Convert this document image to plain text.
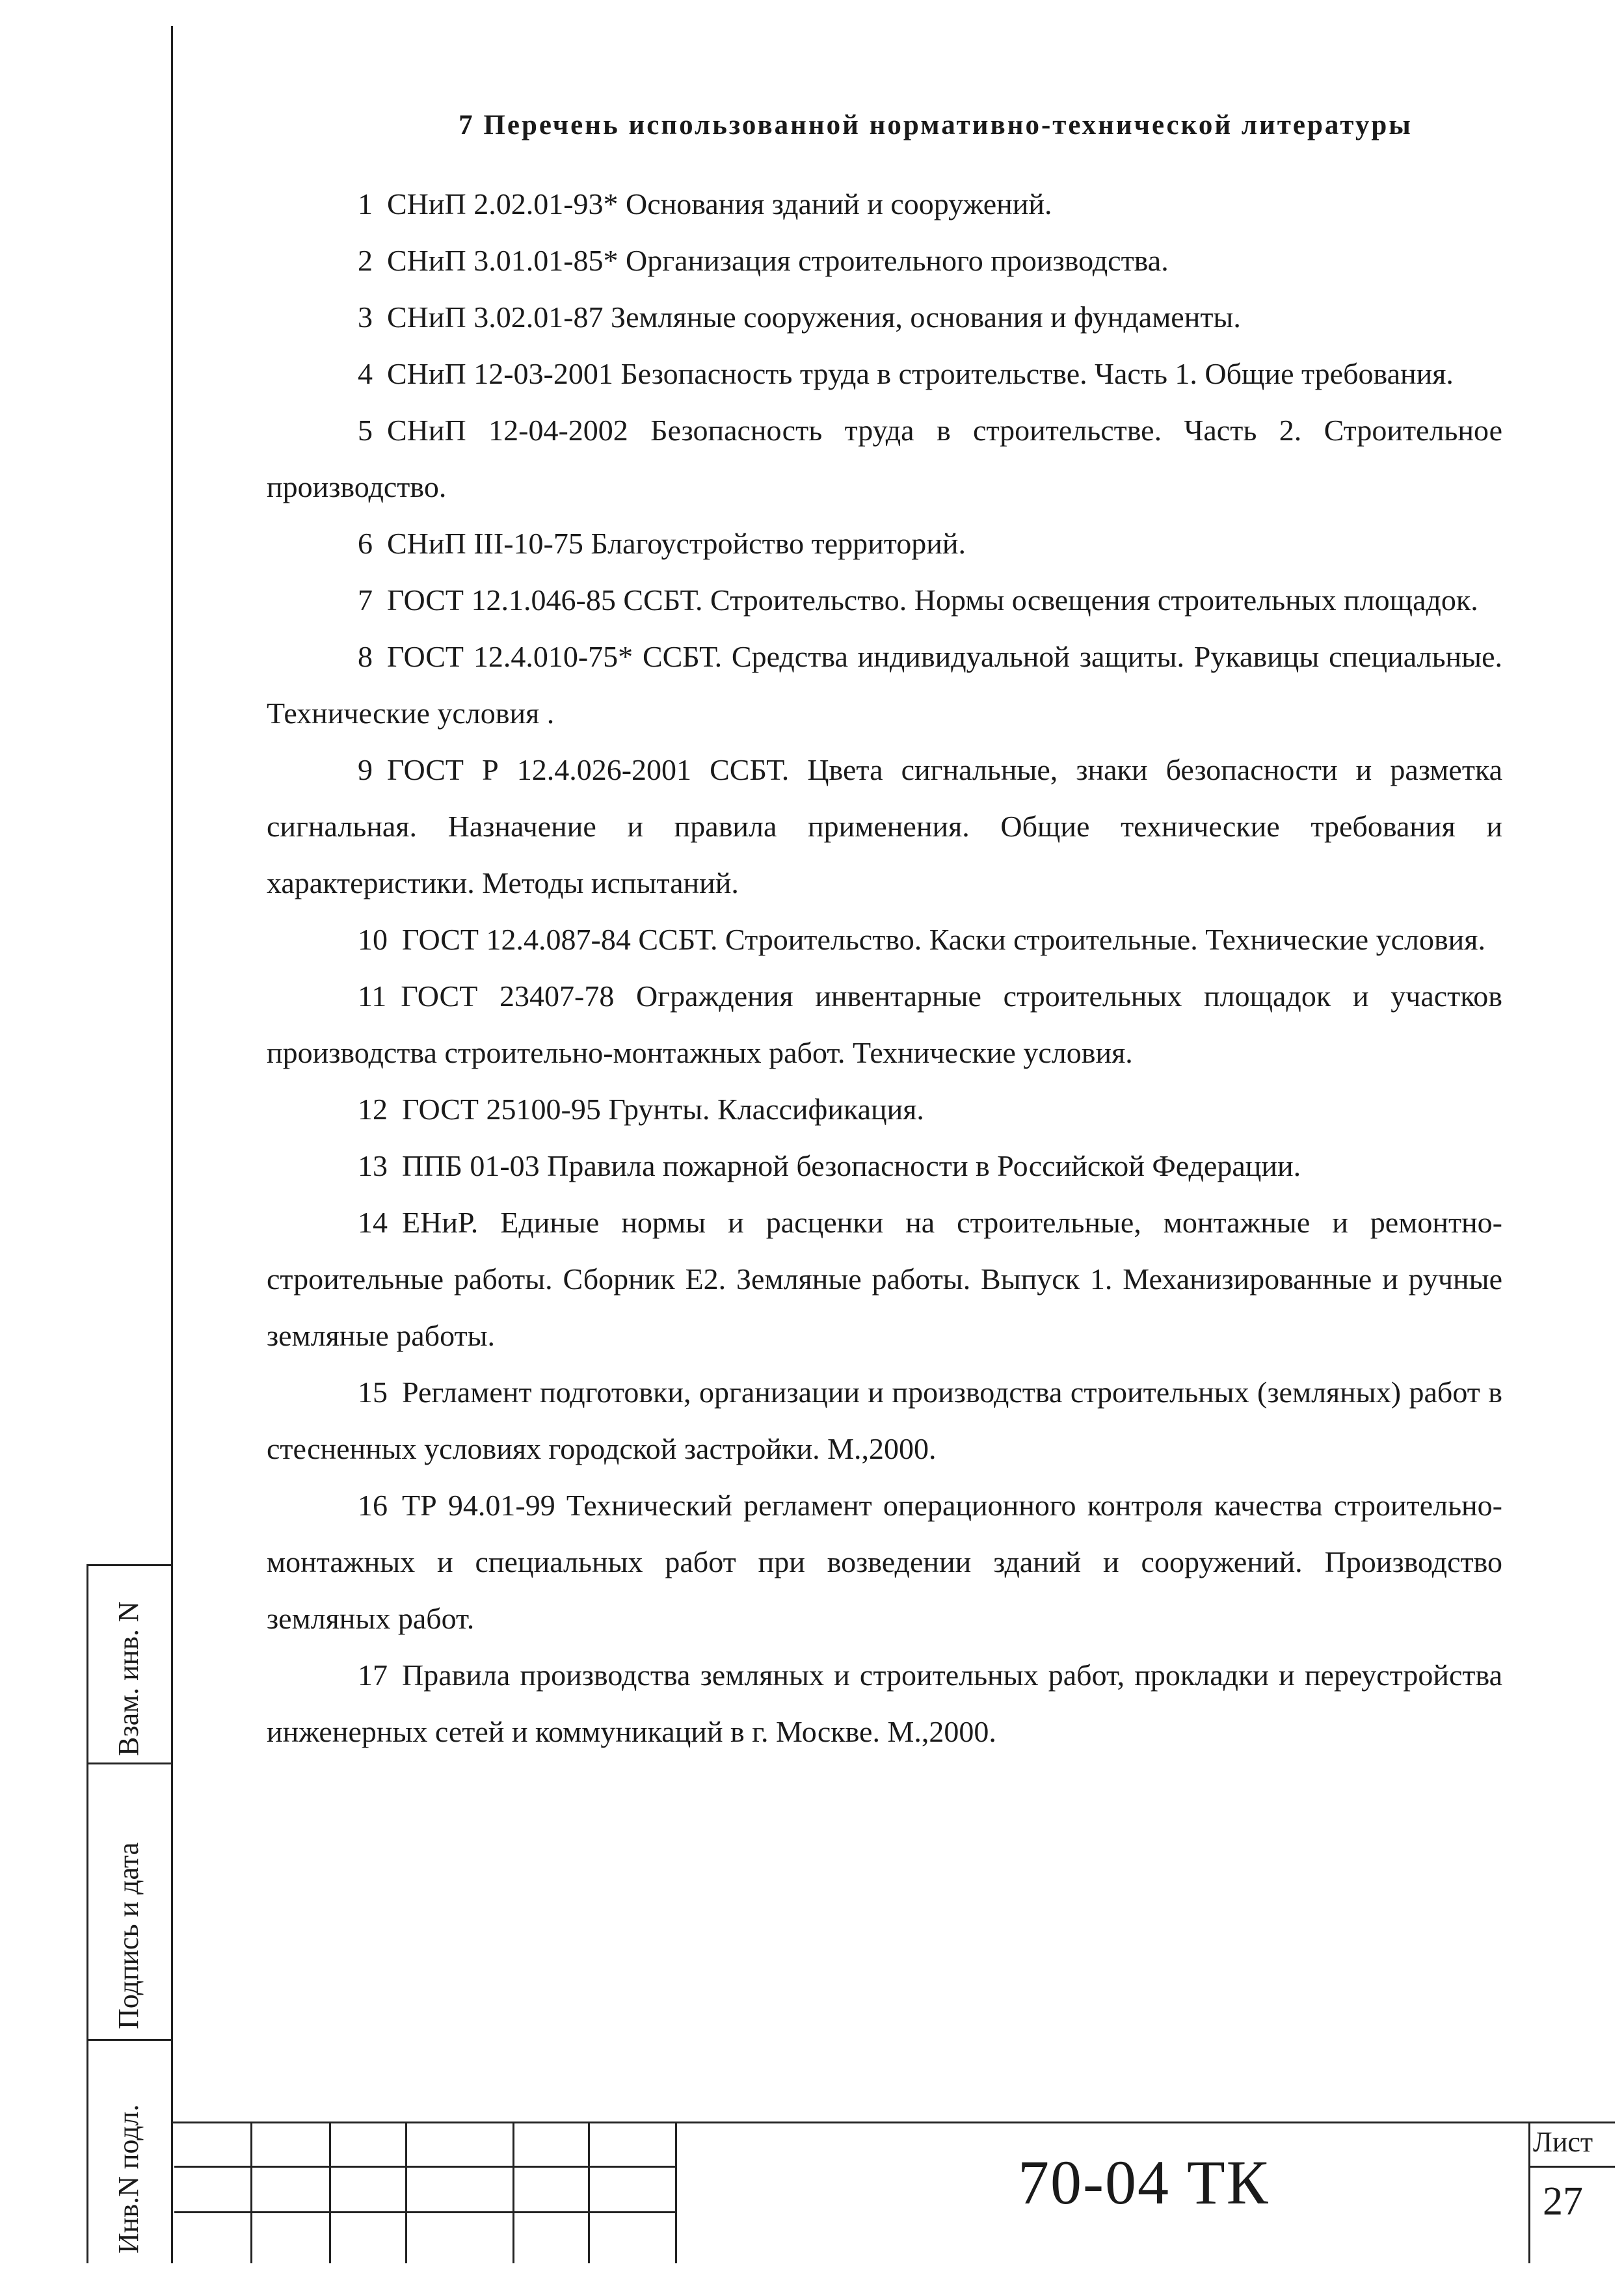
7 Перечень использованной нормативно-технической литературы

1 СНиП 2.02.01-93* Основания зданий и сооружений.

2 СНиП 3.01.01-85* Организация строительного производства.

3 СНиП 3.02.01-87 Земляные сооружения, основания и фундаменты.

4 СНиП 12-03-2001 Безопасность труда в строительстве. Часть 1. Общие требования.

5 СНиП 12-04-2002 Безопасность труда в строительстве. Часть 2. Строительное производство.

6 СНиП III-10-75 Благоустройство территорий.

7 ГОСТ 12.1.046-85 ССБТ. Строительство. Нормы освещения строительных площадок.

8 ГОСТ 12.4.010-75* ССБТ. Средства индивидуальной защиты. Рукавицы специальные. Технические условия .

9 ГОСТ Р 12.4.026-2001 ССБТ. Цвета сигнальные, знаки безопасности и разметка сигнальная. Назначение и правила применения. Общие технические требования и характеристики. Методы испытаний.

10 ГОСТ 12.4.087-84 ССБТ. Строительство. Каски строительные. Технические условия.

11 ГОСТ 23407-78 Ограждения инвентарные строительных площадок и участков производства строительно-монтажных работ. Технические условия.

12 ГОСТ 25100-95 Грунты. Классификация.

13 ППБ 01-03 Правила пожарной безопасности в Российской Федерации.

14 ЕНиР. Единые нормы и расценки на строительные, монтажные и ремонтно-строительные работы. Сборник Е2. Земляные работы. Выпуск 1. Механизированные и ручные земляные работы.

15 Регламент подготовки, организации и производства строительных (земляных) работ в стесненных условиях городской застройки. М.,2000.

16 ТР 94.01-99 Технический регламент операционного контроля качества строительно-монтажных и специальных работ при возведении зданий и сооружений. Производство земляных работ.

17 Правила производства земляных и строительных работ, прокладки и переустройства инженерных сетей и коммуникаций в г. Москве. М.,2000.

Инв.N подл.
Подпись и дата
Взам. инв. N
70-04 ТК
Лист
27
